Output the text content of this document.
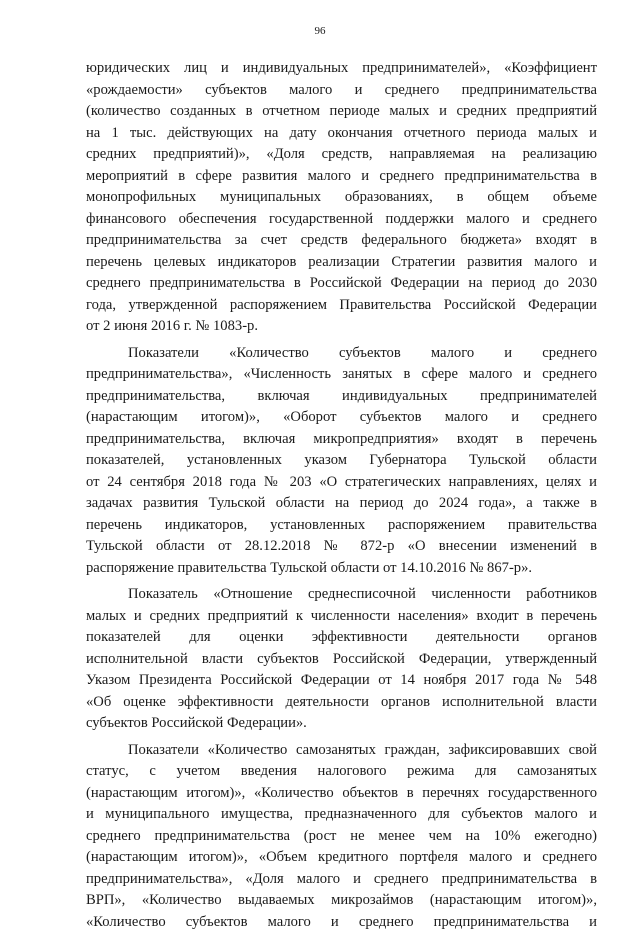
96
юридических лиц и индивидуальных предпринимателей», «Коэффициент
«рождаемости» субъектов малого и среднего предпринимательства
(количество созданных в отчетном периоде малых и средних предприятий
на 1 тыс. действующих на дату окончания отчетного периода малых и
средних предприятий)», «Доля средств, направляемая на реализацию
мероприятий в сфере развития малого и среднего предпринимательства в
монопрофильных муниципальных образованиях, в общем объеме
финансового обеспечения государственной поддержки малого и среднего
предпринимательства за счет средств федерального бюджета» входят в
перечень целевых индикаторов реализации Стратегии развития малого и
среднего предпринимательства в Российской Федерации на период до 2030
года, утвержденной распоряжением Правительства Российской Федерации
от 2 июня 2016 г. № 1083-р.
Показатели «Количество субъектов малого и среднего
предпринимательства», «Численность занятых в сфере малого и среднего
предпринимательства, включая индивидуальных предпринимателей
(нарастающим итогом)», «Оборот субъектов малого и среднего
предпринимательства, включая микропредприятия» входят в перечень
показателей, установленных указом Губернатора Тульской области
от 24 сентября 2018 года № 203 «О стратегических направлениях, целях и
задачах развития Тульской области на период до 2024 года», а также в
перечень индикаторов, установленных распоряжением правительства
Тульской области от 28.12.2018 № 872-р «О внесении изменений в
распоряжение правительства Тульской области от 14.10.2016 № 867-р».
Показатель «Отношение среднесписочной численности работников
малых и средних предприятий к численности населения» входит в перечень
показателей для оценки эффективности деятельности органов
исполнительной власти субъектов Российской Федерации, утвержденный
Указом Президента Российской Федерации от 14 ноября 2017 года № 548
«Об оценке эффективности деятельности органов исполнительной власти
субъектов Российской Федерации».
Показатели «Количество самозанятых граждан, зафиксировавших свой
статус, с учетом введения налогового режима для самозанятых
(нарастающим итогом)», «Количество объектов в перечнях государственного
и муниципального имущества, предназначенного для субъектов малого и
среднего предпринимательства (рост не менее чем на 10% ежегодно)
(нарастающим итогом)», «Объем кредитного портфеля малого и среднего
предпринимательства», «Доля малого и среднего предпринимательства в
ВРП», «Количество выдаваемых микрозаймов (нарастающим итогом)»,
«Количество субъектов малого и среднего предпринимательства и
